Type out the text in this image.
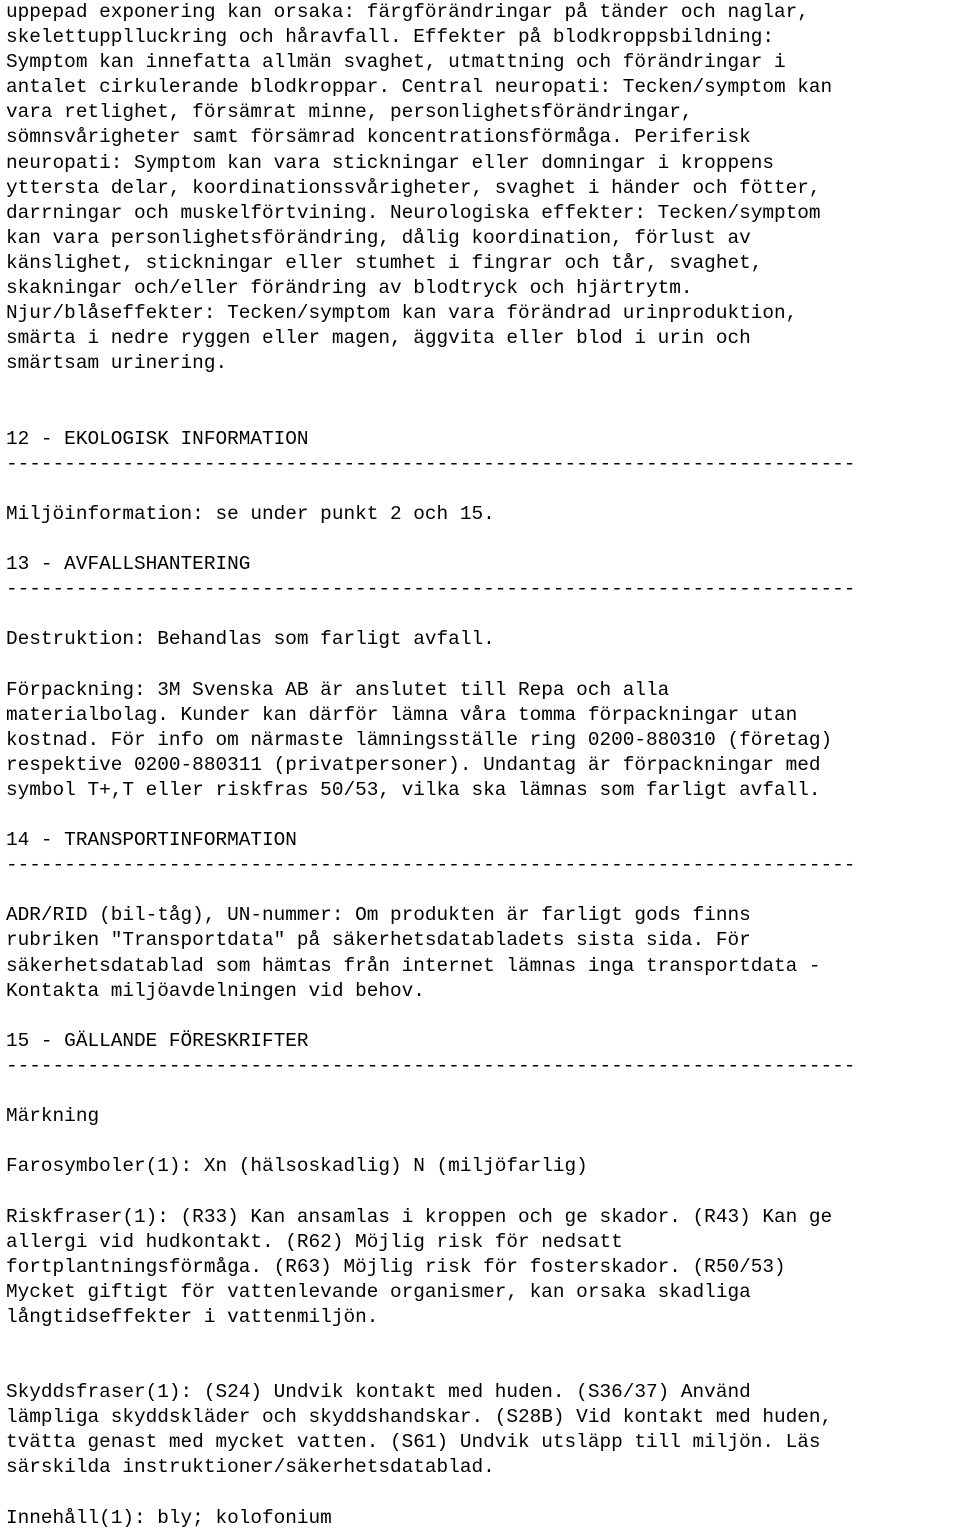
uppepad exponering kan orsaka: färgförändringar på tänder och naglar,
skelettupplluckring och håravfall. Effekter på blodkroppsbildning:
Symptom kan innefatta allmän svaghet, utmattning och förändringar i
antalet cirkulerande blodkroppar. Central neuropati: Tecken/symptom kan
vara retlighet, försämrat minne, personlighetsförändringar,
sömnsvårigheter samt försämrad koncentrationsförmåga. Periferisk
neuropati: Symptom kan vara stickningar eller domningar i kroppens
yttersta delar, koordinationssvårigheter, svaghet i händer och fötter,
darrningar och muskelförtvining. Neurologiska effekter: Tecken/symptom
kan vara personlighetsförändring, dålig koordination, förlust av
känslighet, stickningar eller stumhet i fingrar och tår, svaghet,
skakningar och/eller förändring av blodtryck och hjärtrytm.
Njur/blåseffekter: Tecken/symptom kan vara förändrad urinproduktion,
smärta i nedre ryggen eller magen, äggvita eller blod i urin och
smärtsam urinering.
12 - EKOLOGISK INFORMATION
-------------------------------------------------------------------------
Miljöinformation: se under punkt 2 och 15.
13 - AVFALLSHANTERING
-------------------------------------------------------------------------
Destruktion: Behandlas som farligt avfall.
Förpackning: 3M Svenska AB är anslutet till Repa och alla
materialbolag. Kunder kan därför lämna våra tomma förpackningar utan
kostnad. För info om närmaste lämningsställe ring 0200-880310 (företag)
respektive 0200-880311 (privatpersoner). Undantag är förpackningar med
symbol T+,T eller riskfras 50/53, vilka ska lämnas som farligt avfall.
14 - TRANSPORTINFORMATION
-------------------------------------------------------------------------
ADR/RID (bil-tåg), UN-nummer: Om produkten är farligt gods finns
rubriken "Transportdata" på säkerhetsdatabladets sista sida. För
säkerhetsdatablad som hämtas från internet lämnas inga transportdata -
Kontakta miljöavdelningen vid behov.
15 - GÄLLANDE FÖRESKRIFTER
-------------------------------------------------------------------------
Märkning
Farosymboler(1): Xn (hälsoskadlig) N (miljöfarlig)
Riskfraser(1): (R33) Kan ansamlas i kroppen och ge skador. (R43) Kan ge
allergi vid hudkontakt. (R62) Möjlig risk för nedsatt
fortplantningsförmåga. (R63) Möjlig risk för fosterskador. (R50/53)
Mycket giftigt för vattenlevande organismer, kan orsaka skadliga
långtidseffekter i vattenmiljön.
Skyddsfraser(1): (S24) Undvik kontakt med huden. (S36/37) Använd
lämpliga skyddskläder och skyddshandskar. (S28B) Vid kontakt med huden,
tvätta genast med mycket vatten. (S61) Undvik utsläpp till miljön. Läs
särskilda instruktioner/säkerhetsdatablad.
Innehåll(1): bly; kolofonium
